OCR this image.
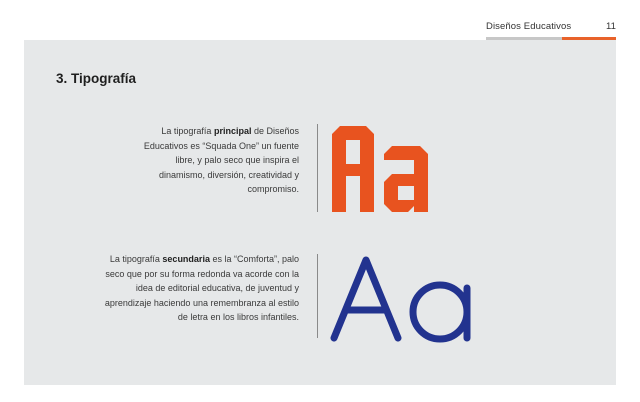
Diseños Educativos	11
3. Tipografía
La tipografía principal de Diseños Educativos es “Squada One” un fuente libre, y palo seco que inspira el dinamismo, diversión, creatividad y compromiso.
La tipografía secundaria es la “Comforta”, palo seco que por su forma redonda va acorde con la idea de editorial educativa, de juventud y aprendizaje haciendo una remembranza al estilo de letra en los libros infantiles.
